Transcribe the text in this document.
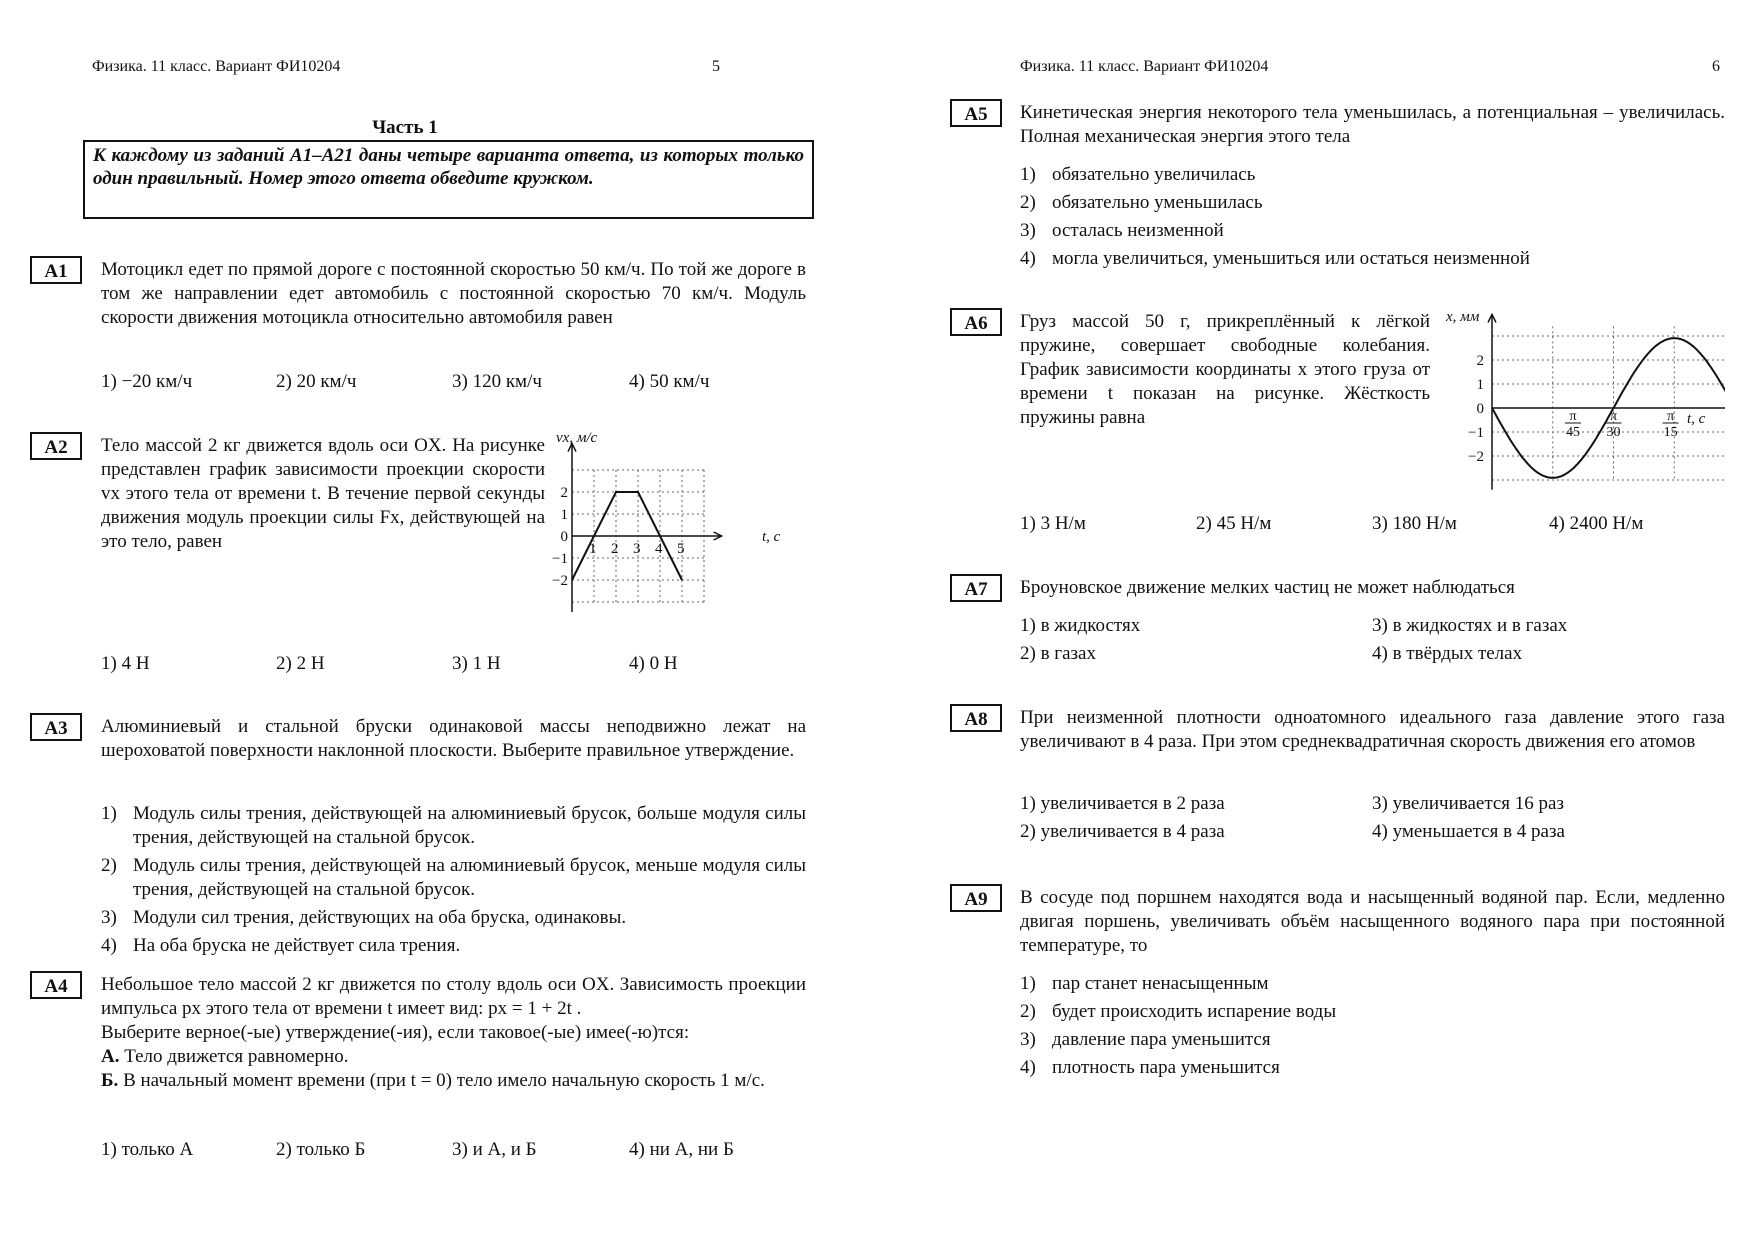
Физика. 11 класс. Вариант ФИ10204	5
Часть 1
К каждому из заданий A1–A21 даны четыре варианта ответа, из которых только один правильный. Номер этого ответа обведите кружком.
A1	Мотоцикл едет по прямой дороге с постоянной скоростью 50 км/ч. По той же дороге в том же направлении едет автомобиль с постоянной скоростью 70 км/ч. Модуль скорости движения мотоцикла относительно автомобиля равен
1) −20 км/ч	2) 20 км/ч	3) 120 км/ч	4) 50 км/ч
A2	Тело массой 2 кг движется вдоль оси OX. На рисунке представлен график зависимости проекции скорости vx этого тела от времени t. В течение первой секунды движения модуль проекции силы Fx, действующей на это тело, равен	1 2 3 4 5
2
1
0
−1
−2
vx, м/с
t, с
1) 4 Н	2) 2 Н	3) 1 Н	4) 0 Н
A3	Алюминиевый и стальной бруски одинаковой массы неподвижно лежат на шероховатой поверхности наклонной плоскости. Выберите правильное утверждение.
1) Модуль силы трения, действующей на алюминиевый брусок, больше модуля силы трения, действующей на стальной брусок.
2) Модуль силы трения, действующей на алюминиевый брусок, меньше модуля силы трения, действующей на стальной брусок.
3) Модули сил трения, действующих на оба бруска, одинаковы.
4) На оба бруска не действует сила трения.
A4	Небольшое тело массой 2 кг движется по столу вдоль оси OX. Зависимость проекции импульса px этого тела от времени t имеет вид: px = 1 + 2t .
Выберите верное(-ые) утверждение(-ия), если таковое(-ые) имее(-ю)тся:
А. Тело движется равномерно.
Б. В начальный момент времени (при t = 0) тело имело начальную скорость 1 м/с.
1) только А	2) только Б	3) и А, и Б	4) ни А, ни Б
Физика. 11 класс. Вариант ФИ10204	6
A5	Кинетическая энергия некоторого тела уменьшилась, а потенциальная – увеличилась. Полная механическая энергия этого тела
1) обязательно увеличилась
2) обязательно уменьшилась
3) осталась неизменной
4) могла увеличиться, уменьшиться или остаться неизменной
A6	Груз массой 50 г, прикреплённый к лёгкой пружине, совершает свободные колебания. График зависимости координаты x этого груза от времени t показан на рисунке. Жёсткость пружины равна
2
1
0
−1
−2
π
45
π
30
π
15
x, мм
t, с
1) 3 Н/м	2) 45 Н/м	3) 180 Н/м	4) 2400 Н/м
A7	Броуновское движение мелких частиц не может наблюдаться
1) в жидкостях	3) в жидкостях и в газах
2) в газах	4) в твёрдых телах
A8	При неизменной плотности одноатомного идеального газа давление этого газа увеличивают в 4 раза. При этом среднеквадратичная скорость движения его атомов
1) увеличивается в 2 раза	3) увеличивается 16 раз
2) увеличивается в 4 раза	4) уменьшается в 4 раза
A9	В сосуде под поршнем находятся вода и насыщенный водяной пар. Если, медленно двигая поршень, увеличивать объём насыщенного водяного пара при постоянной температуре, то
1) пар станет ненасыщенным
2) будет происходить испарение воды
3) давление пара уменьшится
4) плотность пара уменьшится
